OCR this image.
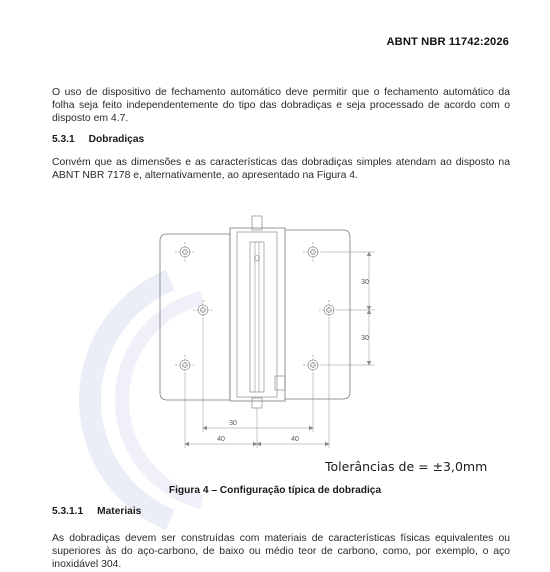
ABNT NBR 11742:2026
O uso de dispositivo de fechamento automático deve permitir que o fechamento automático da folha seja feito independentemente do tipo das dobradiças e seja processado de acordo com o disposto em 4.7.
5.3.1 Dobradiças
Convém que as dimensões e as características das dobradiças simples atendam ao disposto na ABNT NBR 7178 e, alternativamente, ao apresentado na Figura 4.
30
30
30
40	40
Tolerâncias de = ±3,0mm
Figura 4 – Configuração típica de dobradiça
5.3.1.1 Materiais
As dobradiças devem ser construídas com materiais de características físicas equivalentes ou superiores às do aço-carbono, de baixo ou médio teor de carbono, como, por exemplo, o aço inoxidável 304.
